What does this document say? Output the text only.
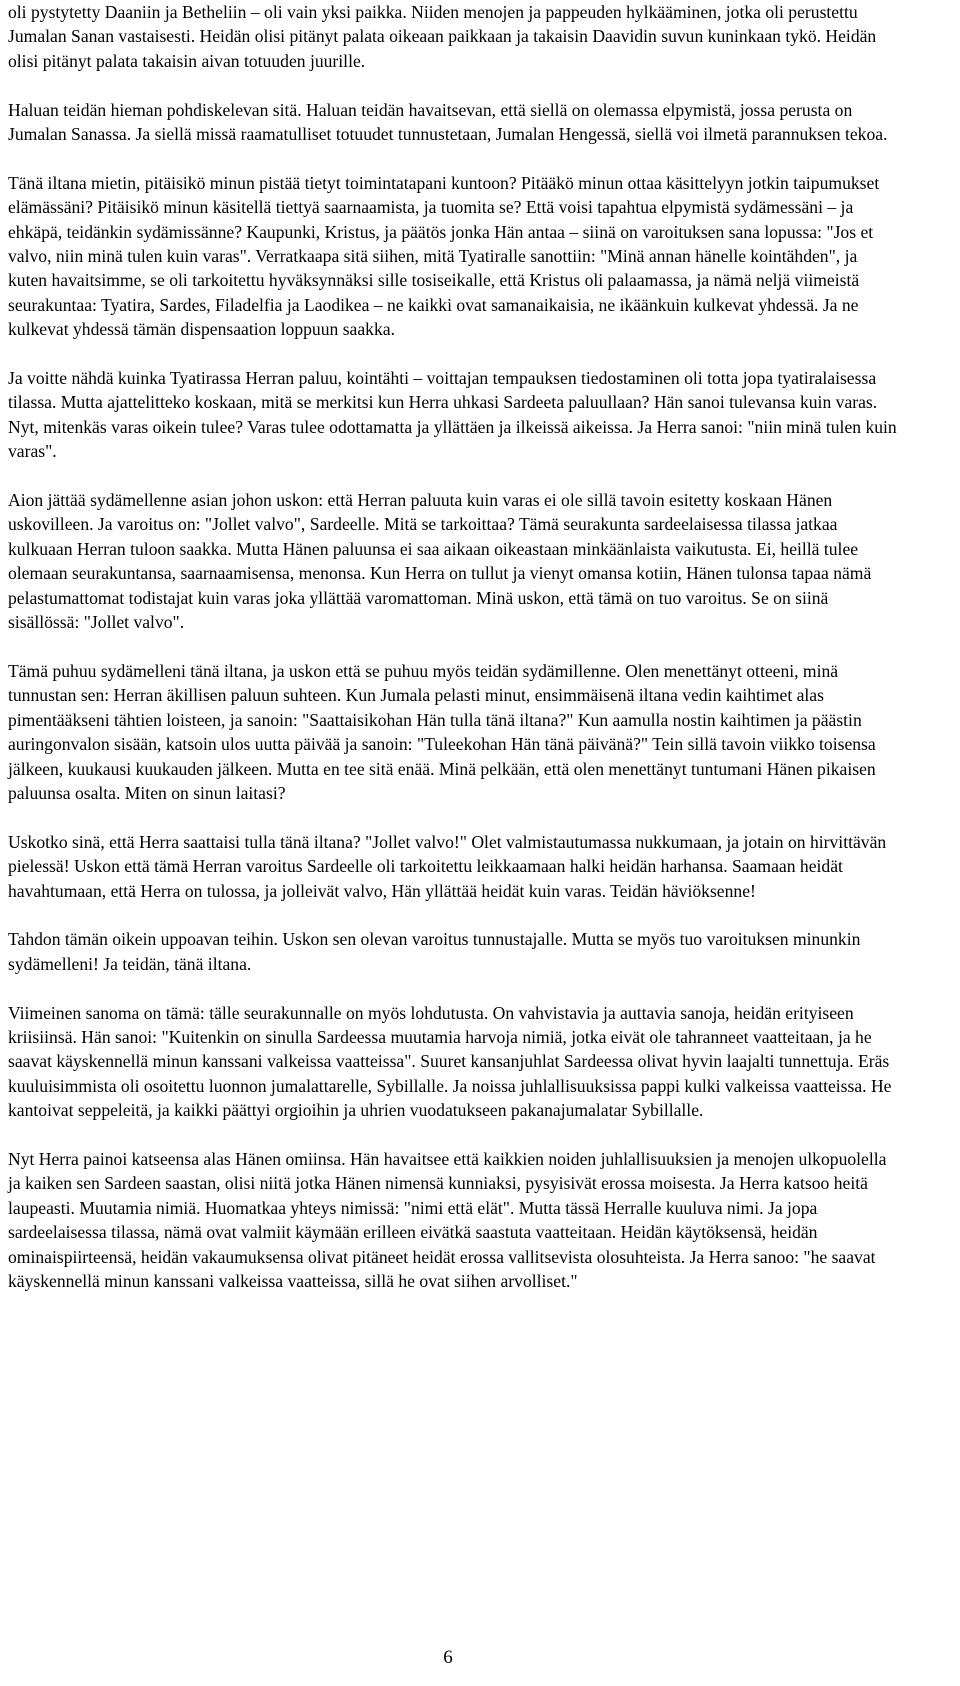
oli pystytetty Daaniin ja Betheliin – oli vain yksi paikka. Niiden menojen ja pappeuden hylkääminen, jotka oli perustettu Jumalan Sanan vastaisesti. Heidän olisi pitänyt palata oikeaan paikkaan ja takaisin Daavidin suvun kuninkaan tykö. Heidän olisi pitänyt palata takaisin aivan totuuden juurille.

Haluan teidän hieman pohdiskelevan sitä. Haluan teidän havaitsevan, että siellä on olemassa elpymistä, jossa perusta on Jumalan Sanassa. Ja siellä missä raamatulliset totuudet tunnustetaan, Jumalan Hengessä, siellä voi ilmetä parannuksen tekoa.

Tänä iltana mietin, pitäisikö minun pistää tietyt toimintatapani kuntoon? Pitääkö minun ottaa käsittelyyn jotkin taipumukset elämässäni? Pitäisikö minun käsitellä tiettyä saarnaamista, ja tuomita se? Että voisi tapahtua elpymistä sydämessäni – ja ehkäpä, teidänkin sydämissänne? Kaupunki, Kristus, ja päätös jonka Hän antaa – siinä on varoituksen sana lopussa: "Jos et valvo, niin minä tulen kuin varas". Verratkaapa sitä siihen, mitä Tyatiralle sanottiin: "Minä annan hänelle kointähden", ja kuten havaitsimme, se oli tarkoitettu hyväksynnäksi sille tosiseikalle, että Kristus oli palaamassa, ja nämä neljä viimeistä seurakuntaa: Tyatira, Sardes, Filadelfia ja Laodikea – ne kaikki ovat samanaikaisia, ne ikäänkuin kulkevat yhdessä. Ja ne kulkevat yhdessä tämän dispensaation loppuun saakka.

Ja voitte nähdä kuinka Tyatirassa Herran paluu, kointähti – voittajan tempauksen tiedostaminen oli totta jopa tyatiralaisessa tilassa. Mutta ajattelitteko koskaan, mitä se merkitsi kun Herra uhkasi Sardeeta paluullaan? Hän sanoi tulevansa kuin varas. Nyt, mitenkäs varas oikein tulee? Varas tulee odottamatta ja yllättäen ja ilkeissä aikeissa. Ja Herra sanoi: "niin minä tulen kuin varas".

Aion jättää sydämellenne asian johon uskon: että Herran paluuta kuin varas ei ole sillä tavoin esitetty koskaan Hänen uskovilleen. Ja varoitus on: "Jollet valvo", Sardeelle. Mitä se tarkoittaa? Tämä seurakunta sardeelaisessa tilassa jatkaa kulkuaan Herran tuloon saakka. Mutta Hänen paluunsa ei saa aikaan oikeastaan minkäänlaista vaikutusta. Ei, heillä tulee olemaan seurakuntansa, saarnaamisensa, menonsa. Kun Herra on tullut ja vienyt omansa kotiin, Hänen tulonsa tapaa nämä pelastumattomat todistajat kuin varas joka yllättää varomattoman. Minä uskon, että tämä on tuo varoitus. Se on siinä sisällössä: "Jollet valvo".

Tämä puhuu sydämelleni tänä iltana, ja uskon että se puhuu myös teidän sydämillenne. Olen menettänyt otteeni, minä tunnustan sen: Herran äkillisen paluun suhteen. Kun Jumala pelasti minut, ensimmäisenä iltana vedin kaihtimet alas pimentääkseni tähtien loisteen, ja sanoin: "Saattaisikohan Hän tulla tänä iltana?" Kun aamulla nostin kaihtimen ja päästin auringonvalon sisään, katsoin ulos uutta päivää ja sanoin: "Tuleekohan Hän tänä päivänä?" Tein sillä tavoin viikko toisensa jälkeen, kuukausi kuukauden jälkeen. Mutta en tee sitä enää. Minä pelkään, että olen menettänyt tuntumani Hänen pikaisen paluunsa osalta. Miten on sinun laitasi?

Uskotko sinä, että Herra saattaisi tulla tänä iltana? "Jollet valvo!" Olet valmistautumassa nukkumaan, ja jotain on hirvittävän pielessä! Uskon että tämä Herran varoitus Sardeelle oli tarkoitettu leikkaamaan halki heidän harhansa. Saamaan heidät havahtumaan, että Herra on tulossa, ja jolleivät valvo, Hän yllättää heidät kuin varas. Teidän häviöksenne!

Tahdon tämän oikein uppoavan teihin. Uskon sen olevan varoitus tunnustajalle. Mutta se myös tuo varoituksen minunkin sydämelleni! Ja teidän, tänä iltana.

Viimeinen sanoma on tämä: tälle seurakunnalle on myös lohdutusta. On vahvistavia ja auttavia sanoja, heidän erityiseen kriisiinsä. Hän sanoi: "Kuitenkin on sinulla Sardeessa muutamia harvoja nimiä, jotka eivät ole tahranneet vaatteitaan, ja he saavat käyskennellä minun kanssani valkeissa vaatteissa". Suuret kansanjuhlat Sardeessa olivat hyvin laajalti tunnettuja. Eräs kuuluisimmista oli osoitettu luonnon jumalattarelle, Sybillalle. Ja noissa juhlallisuuksissa pappi kulki valkeissa vaatteissa. He kantoivat seppeleitä, ja kaikki päättyi orgioihin ja uhrien vuodatukseen pakanajumalatar Sybillalle.

Nyt Herra painoi katseensa alas Hänen omiinsa. Hän havaitsee että kaikkien noiden juhlallisuuksien ja menojen ulkopuolella ja kaiken sen Sardeen saastan, olisi niitä jotka Hänen nimensä kunniaksi, pysyisivät erossa moisesta. Ja Herra katsoo heitä laupeasti. Muutamia nimiä. Huomatkaa yhteys nimissä: "nimi että elät". Mutta tässä Herralle kuuluva nimi. Ja jopa sardeelaisessa tilassa, nämä ovat valmiit käymään erilleen eivätkä saastuta vaatteitaan. Heidän käytöksensä, heidän ominaispiirteensä, heidän vakaumuksensa olivat pitäneet heidät erossa vallitsevista olosuhteista. Ja Herra sanoo: "he saavat käyskennellä minun kanssani valkeissa vaatteissa, sillä he ovat siihen arvolliset."

6
